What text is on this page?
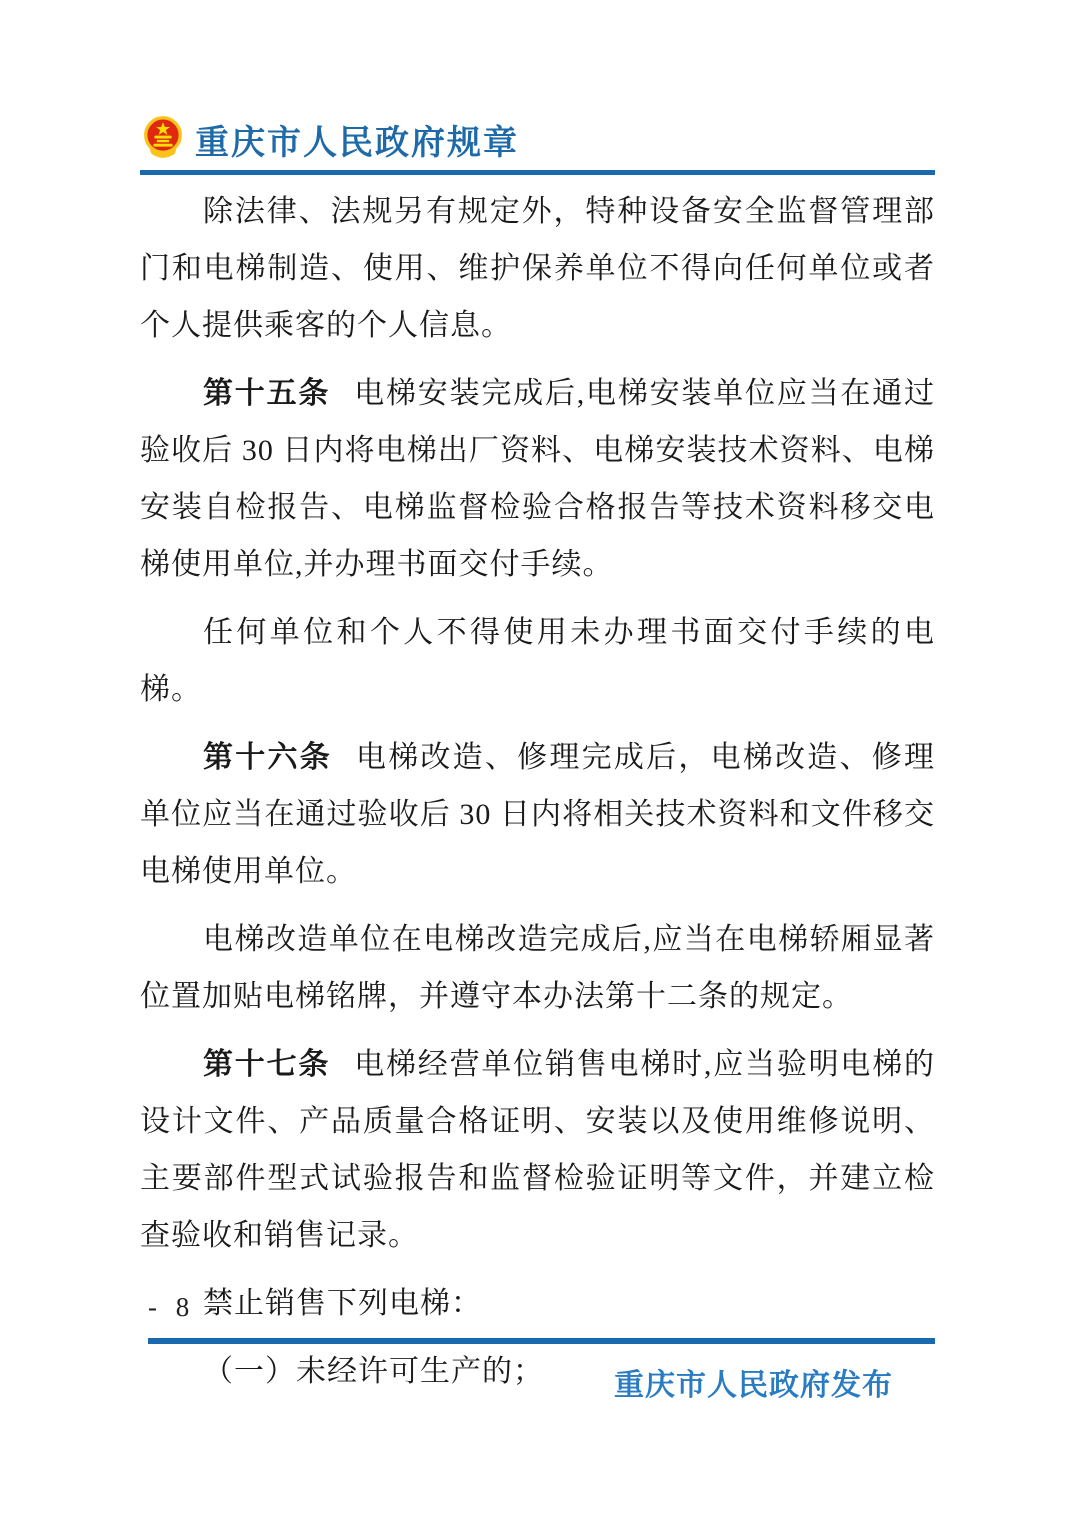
重庆市人民政府规章

除法律、法规另有规定外，特种设备安全监督管理部门和电梯制造、使用、维护保养单位不得向任何单位或者个人提供乘客的个人信息。

第十五条 电梯安装完成后,电梯安装单位应当在通过验收后 30 日内将电梯出厂资料、电梯安装技术资料、电梯安装自检报告、电梯监督检验合格报告等技术资料移交电梯使用单位,并办理书面交付手续。

任何单位和个人不得使用未办理书面交付手续的电梯。

第十六条 电梯改造、修理完成后，电梯改造、修理单位应当在通过验收后 30 日内将相关技术资料和文件移交电梯使用单位。

电梯改造单位在电梯改造完成后,应当在电梯轿厢显著位置加贴电梯铭牌，并遵守本办法第十二条的规定。

第十七条 电梯经营单位销售电梯时,应当验明电梯的设计文件、产品质量合格证明、安装以及使用维修说明、主要部件型式试验报告和监督检验证明等文件，并建立检查验收和销售记录。

禁止销售下列电梯：

（一）未经许可生产的；

- 8 -
重庆市人民政府发布
